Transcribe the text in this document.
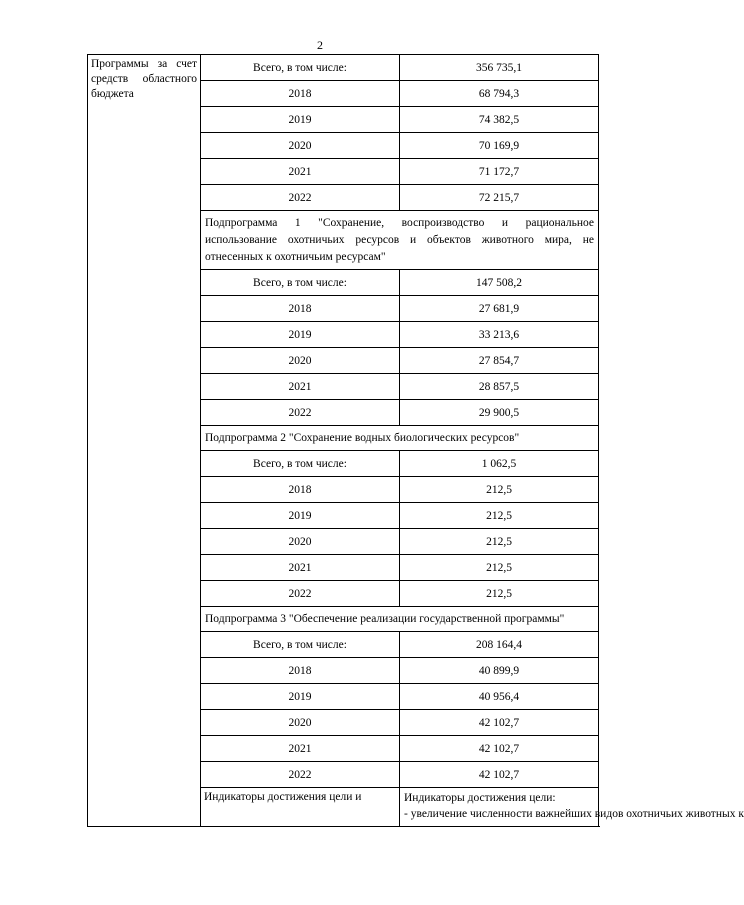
2
Программы за счет средств областного бюджета	Всего, в том числе:	356 735,1
	2018	68 794,3
	2019	74 382,5
	2020	70 169,9
	2021	71 172,7
	2022	72 215,7
	Подпрограмма 1 "Сохранение, воспроизводство и рациональное использование охотничьих ресурсов и объектов животного мира, не отнесенных к охотничьим ресурсам"	
	Всего, в том числе:	147 508,2
	2018	27 681,9
	2019	33 213,6
	2020	27 854,7
	2021	28 857,5
	2022	29 900,5
	Подпрограмма 2 "Сохранение водных биологических ресурсов"	
	Всего, в том числе:	1 062,5
	2018	212,5
	2019	212,5
	2020	212,5
	2021	212,5
	2022	212,5
	Подпрограмма 3 "Обеспечение реализации государственной программы"	
	Всего, в том числе:	208 164,4
	2018	40 899,9
	2019	40 956,4
	2020	42 102,7
	2021	42 102,7
	2022	42 102,7
	Индикаторы достижения цели и	Индикаторы достижения цели:
- увеличение численности важнейших видов охотничьих животных к
